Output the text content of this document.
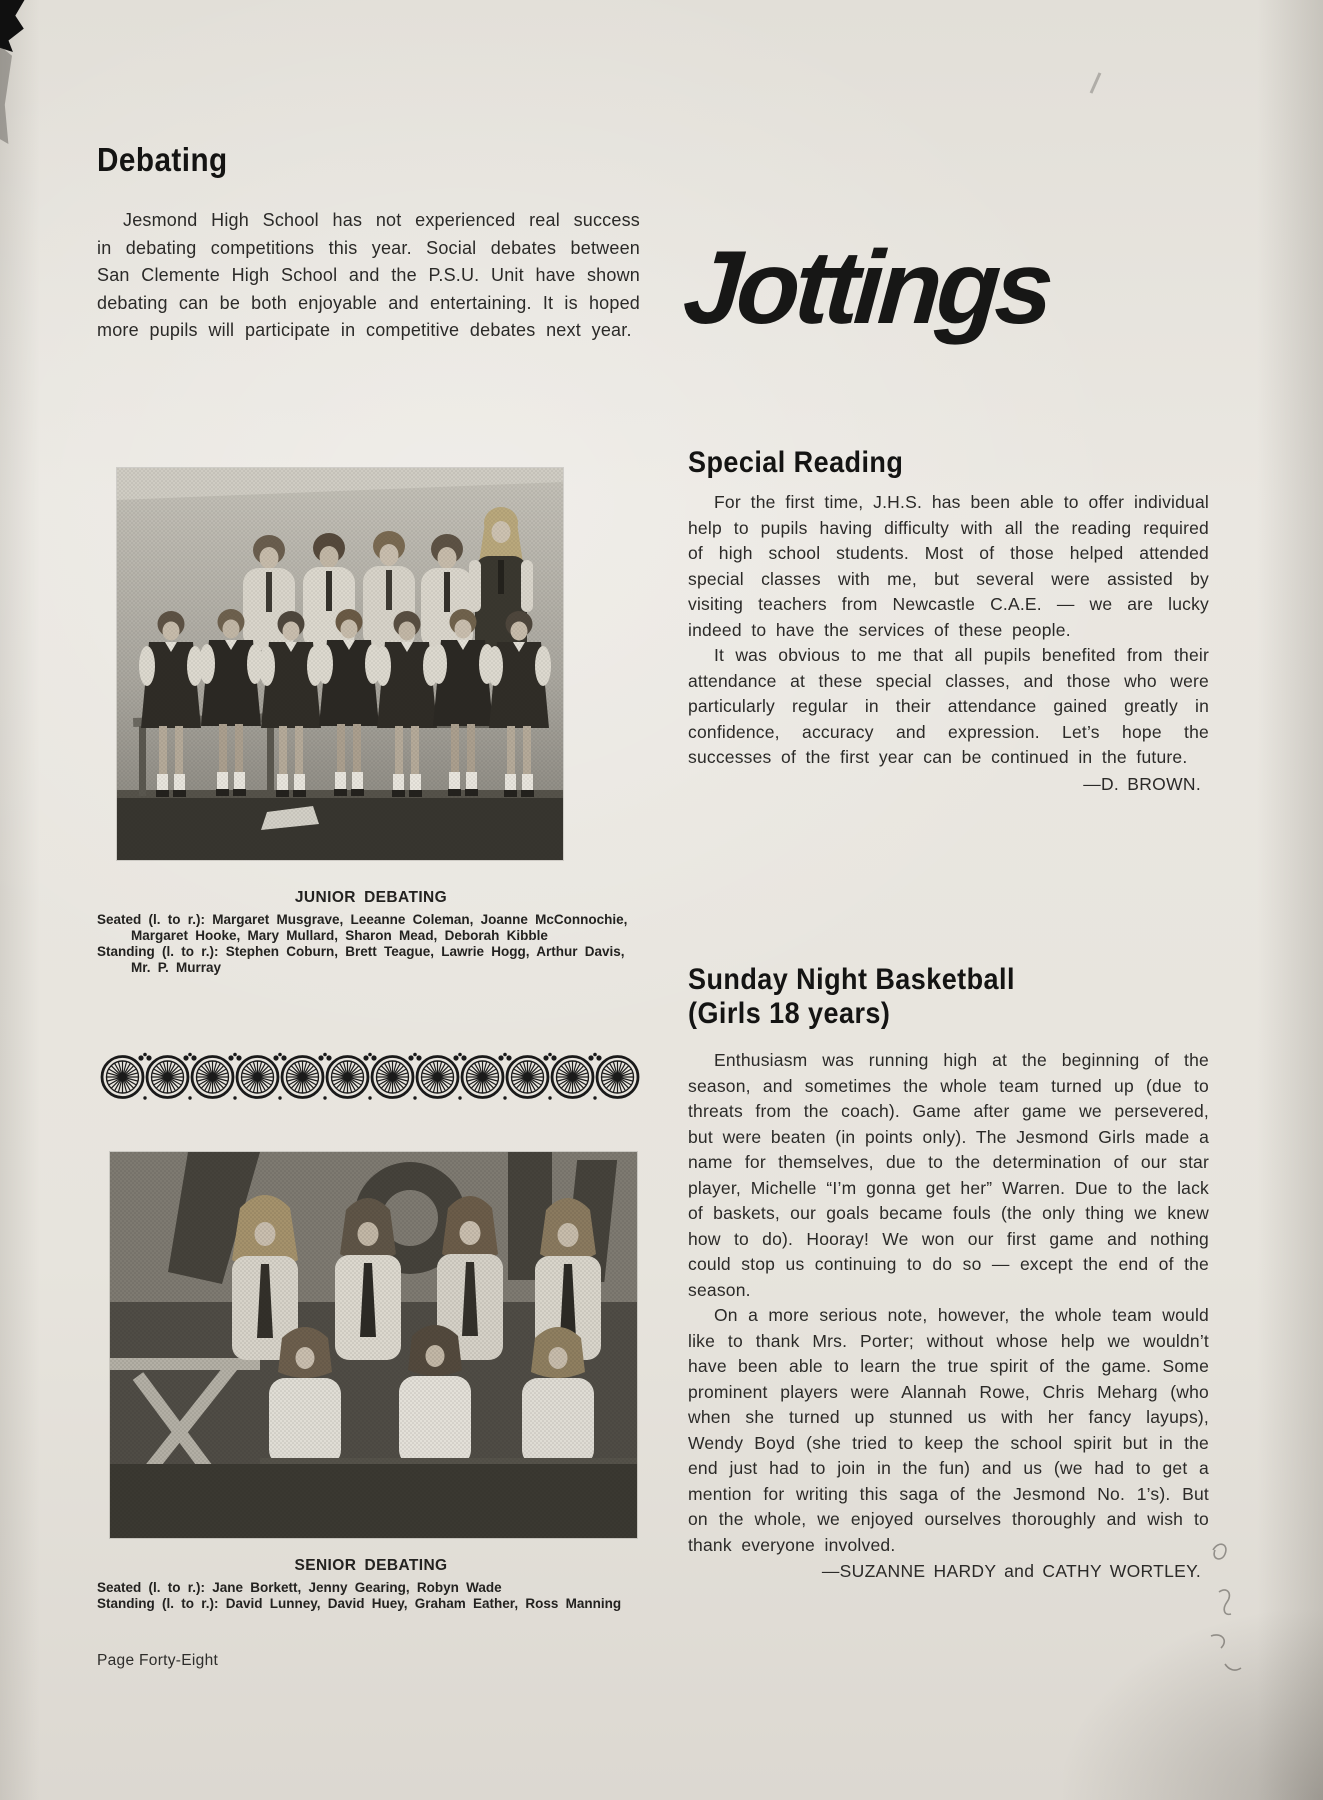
Debating

Jesmond High School has not experienced real success in debating competitions this year. Social debates between San Clemente High School and the P.S.U. Unit have shown debating can be both enjoyable and entertaining. It is hoped more pupils will participate in competitive debates next year.

JUNIOR DEBATING

Seated (l. to r.): Margaret Musgrave, Leeanne Coleman, Joanne McConnochie, Margaret Hooke, Mary Mullard, Sharon Mead, Deborah Kibble

Standing (l. to r.): Stephen Coburn, Brett Teague, Lawrie Hogg, Arthur Davis, Mr. P. Murray

SENIOR DEBATING

Seated (l. to r.): Jane Borkett, Jenny Gearing, Robyn Wade

Standing (l. to r.): David Lunney, David Huey, Graham Eather, Ross Manning

Page Forty-Eight
Jottings
Special Reading

For the first time, J.H.S. has been able to offer individual help to pupils having difficulty with all the reading required of high school students. Most of those helped attended special classes with me, but several were assisted by visiting teachers from Newcastle C.A.E. — we are lucky indeed to have the services of these people.

It was obvious to me that all pupils benefited from their attendance at these special classes, and those who were particularly regular in their attendance gained greatly in confidence, accuracy and expression. Let’s hope the successes of the first year can be continued in the future.

—D. BROWN.
Sunday Night Basketball
(Girls 18 years)

Enthusiasm was running high at the beginning of the season, and sometimes the whole team turned up (due to threats from the coach). Game after game we persevered, but were beaten (in points only). The Jesmond Girls made a name for themselves, due to the determination of our star player, Michelle “I’m gonna get her” Warren. Due to the lack of baskets, our goals became fouls (the only thing we knew how to do). Hooray! We won our first game and nothing could stop us continuing to do so — except the end of the season.

On a more serious note, however, the whole team would like to thank Mrs. Porter; without whose help we wouldn’t have been able to learn the true spirit of the game. Some prominent players were Alannah Rowe, Chris Meharg (who when she turned up stunned us with her fancy layups), Wendy Boyd (she tried to keep the school spirit but in the end just had to join in the fun) and us (we had to get a mention for writing this saga of the Jesmond No. 1’s). But on the whole, we enjoyed ourselves thoroughly and wish to thank everyone involved.

—SUZANNE HARDY and CATHY WORTLEY.
